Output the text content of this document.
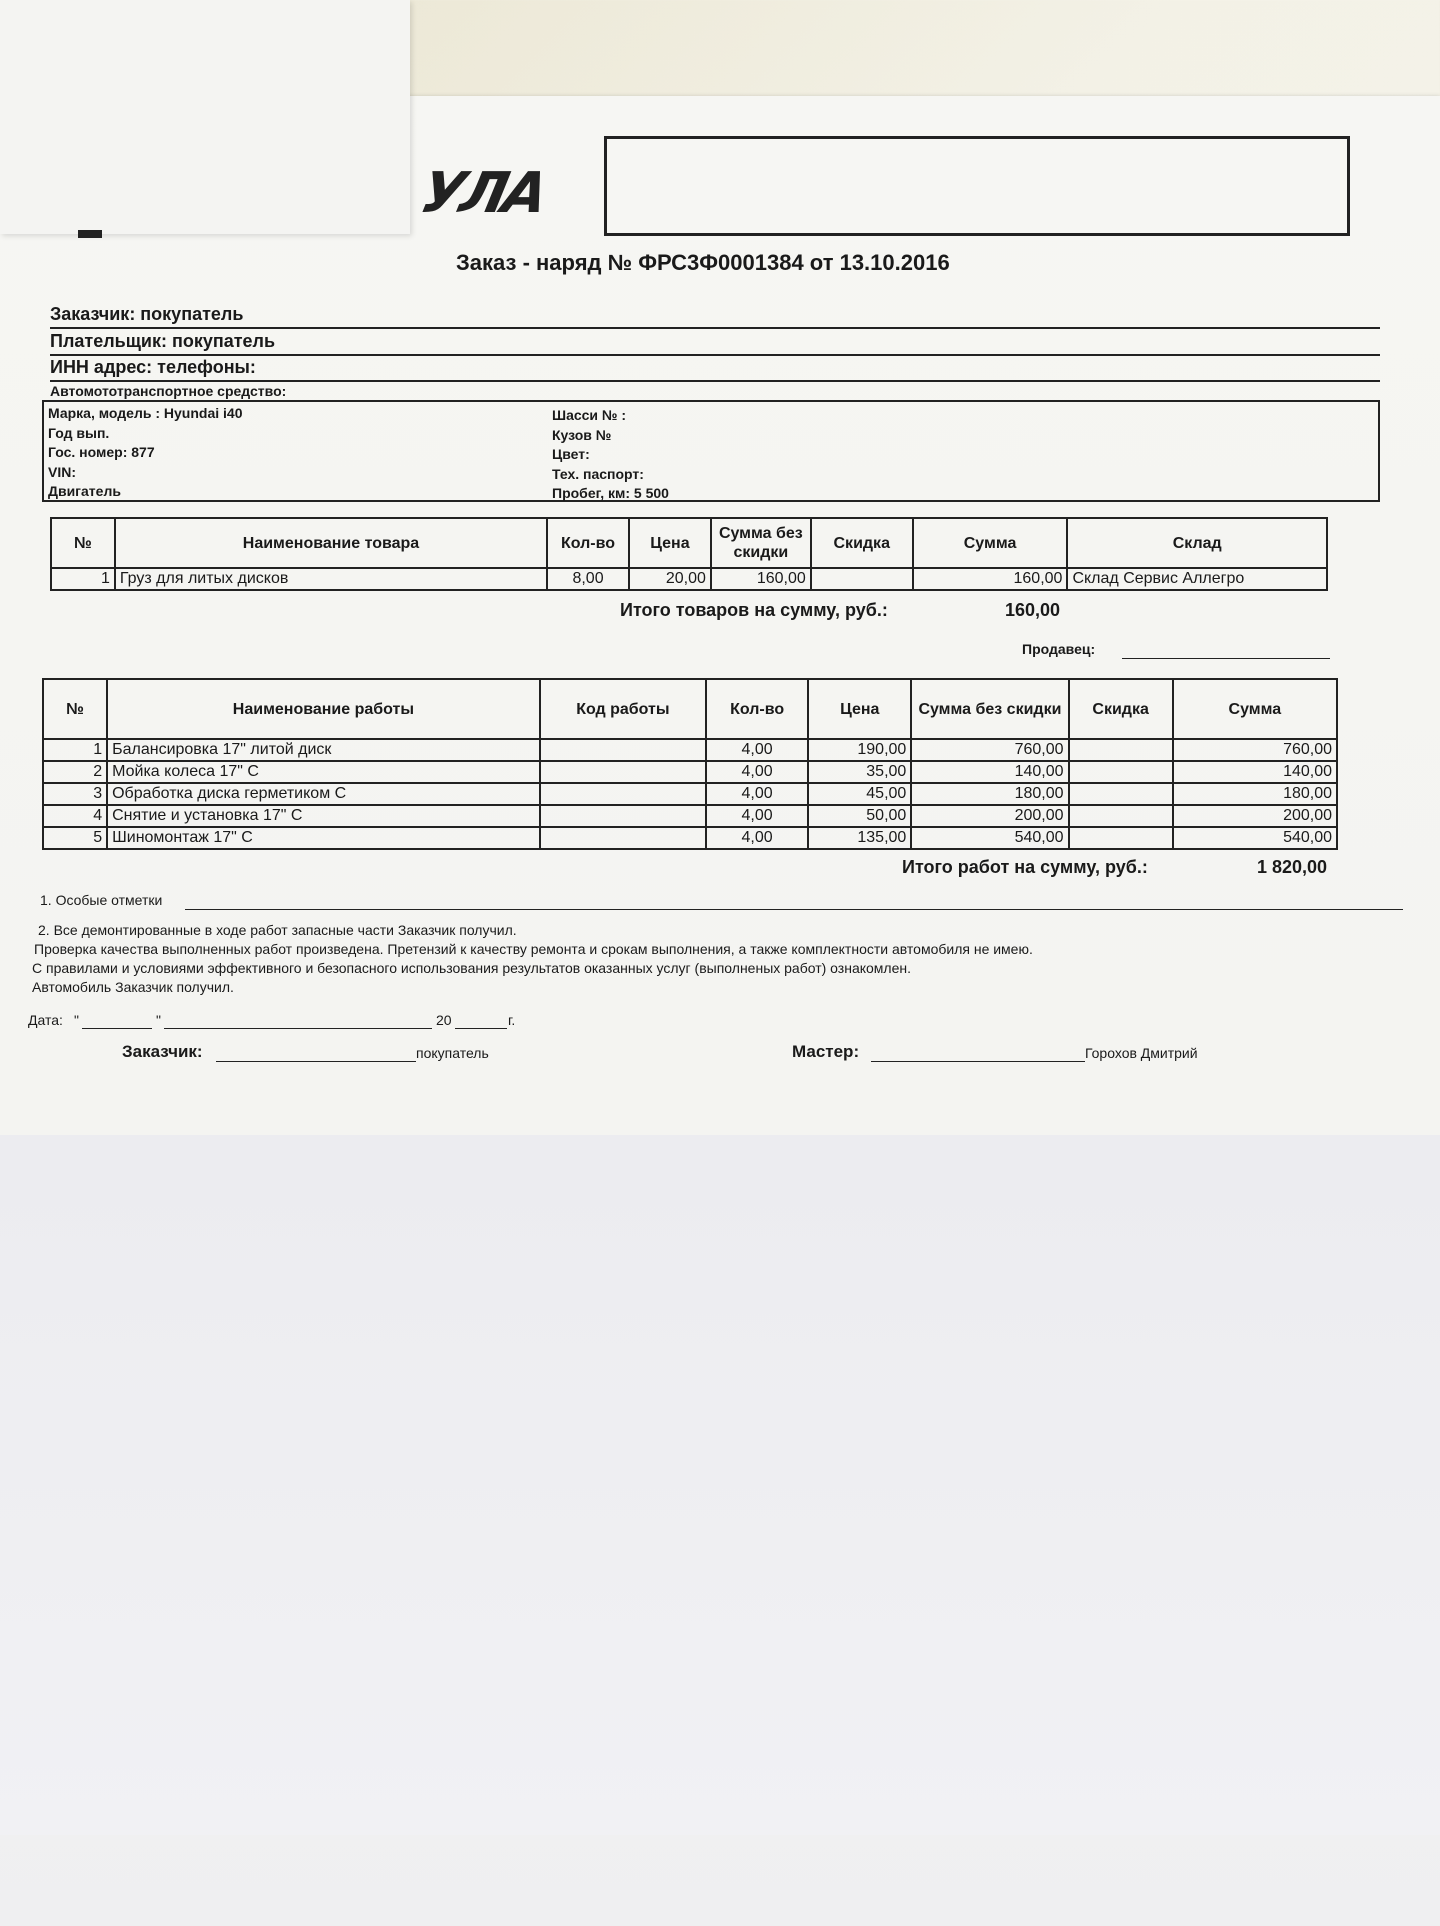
УЛА
Заказ - наряд № ФРС3Ф0001384 от 13.10.2016
Заказчик: покупатель
Плательщик: покупатель
ИНН адрес: телефоны:
Автомототранспортное средство:
Марка, модель : Hyundai i40
Год вып.
Гос. номер: 877
VIN:
Двигатель
Шасси № :
Кузов №
Цвет:
Тех. паспорт:
Пробег, км: 5 500
№	Наименование товара	Кол-во	Цена	Сумма без скидки	Скидка	Сумма	Склад
1	Груз для литых дисков	8,00	20,00	160,00		160,00	Склад Сервис Аллегро
Итого товаров на сумму, руб.:	160,00
Продавец:
№	Наименование работы	Код работы	Кол-во	Цена	Сумма без скидки	Скидка	Сумма
1	Балансировка 17" литой диск		4,00	190,00	760,00		760,00
2	Мойка колеса 17" С		4,00	35,00	140,00		140,00
3	Обработка диска герметиком С		4,00	45,00	180,00		180,00
4	Снятие и установка 17" С		4,00	50,00	200,00		200,00
5	Шиномонтаж 17" С		4,00	135,00	540,00		540,00
Итого работ на сумму, руб.:	1 820,00
1. Особые отметки
2. Все демонтированные в ходе работ запасные части Заказчик получил.
Проверка качества выполненных работ произведена. Претензий к качеству ремонта и срокам выполнения, а также комплектности автомобиля не имею.
С правилами и условиями эффективного и безопасного использования результатов оказанных услуг (выполненых работ) ознакомлен.
Автомобиль Заказчик получил.
Дата: "	"	20	г.
Заказчик:	покупатель	Мастер:	Горохов Дмитрий
